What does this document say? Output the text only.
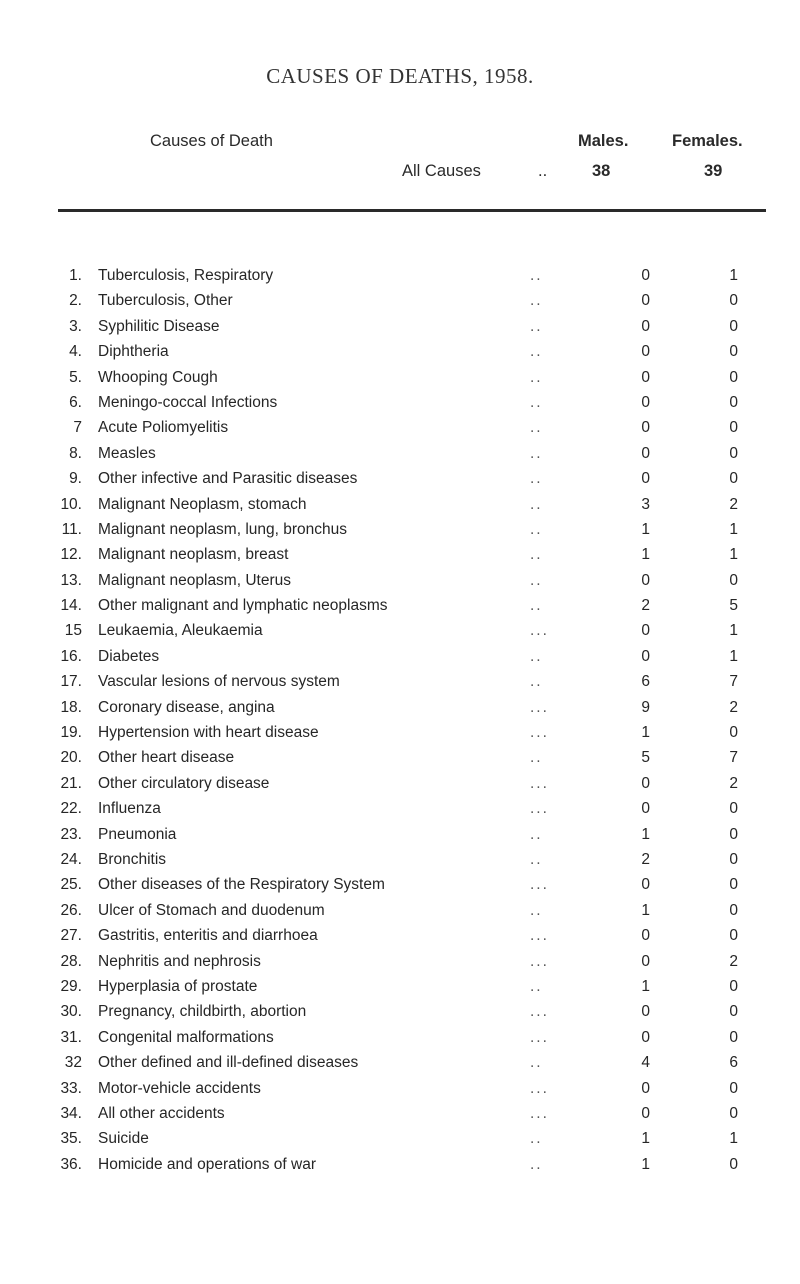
CAUSES OF DEATHS, 1958.
Causes of Death	Males.	Females.
All Causes	..	38	39
1. Tuberculosis, Respiratory	..	0	1
2. Tuberculosis, Other	..	0	0
3. Syphilitic Disease	..	0	0
4. Diphtheria	..	0	0
5. Whooping Cough	..	0	0
6. Meningo-coccal Infections	..	0	0
7 Acute Poliomyelitis	..	0	0
8. Measles	..	0	0
9. Other infective and Parasitic diseases	..	0	0
10. Malignant Neoplasm, stomach	..	3	2
11. Malignant neoplasm, lung, bronchus	..	1	1
12. Malignant neoplasm, breast	..	1	1
13. Malignant neoplasm, Uterus	..	0	0
14. Other malignant and lymphatic neoplasms	..	2	5
15 Leukaemia, Aleukaemia	...	0	1
16. Diabetes	..	0	1
17. Vascular lesions of nervous system	..	6	7
18. Coronary disease, angina	...	9	2
19. Hypertension with heart disease	...	1	0
20. Other heart disease	..	5	7
21. Other circulatory disease	...	0	2
22. Influenza	...	0	0
23. Pneumonia	..	1	0
24. Bronchitis	..	2	0
25. Other diseases of the Respiratory System	...	0	0
26. Ulcer of Stomach and duodenum	..	1	0
27. Gastritis, enteritis and diarrhoea	...	0	0
28. Nephritis and nephrosis	...	0	2
29. Hyperplasia of prostate	..	1	0
30. Pregnancy, childbirth, abortion	...	0	0
31. Congenital malformations	...	0	0
32 Other defined and ill-defined diseases	..	4	6
33. Motor-vehicle accidents	...	0	0
34. All other accidents	...	0	0
35. Suicide	..	1	1
36. Homicide and operations of war	..	1	0
